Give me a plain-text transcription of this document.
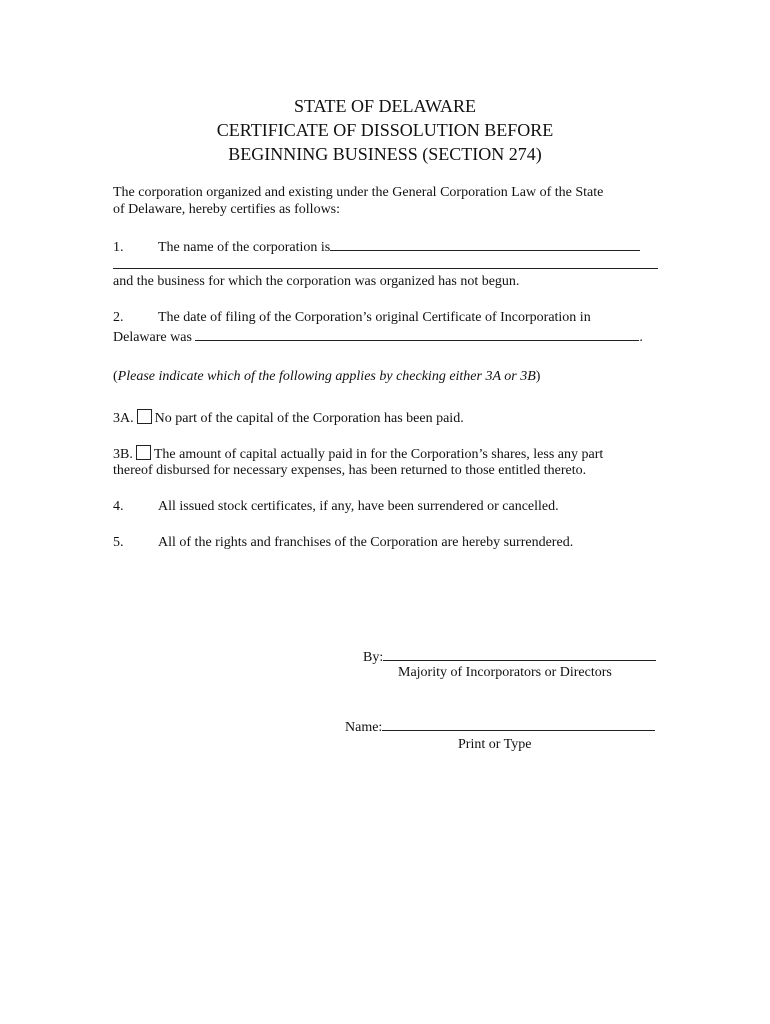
STATE OF DELAWARE
CERTIFICATE OF DISSOLUTION BEFORE
BEGINNING BUSINESS (SECTION 274)
The corporation organized and existing under the General Corporation Law of the State
of Delaware, hereby certifies as follows:
1. The name of the corporation is
and the business for which the corporation was organized has not begun.
2. The date of filing of the Corporation’s original Certificate of Incorporation in
Delaware was	.
(Please indicate which of the following applies by checking either 3A or 3B)
3A. No part of the capital of the Corporation has been paid.
3B. The amount of capital actually paid in for the Corporation’s shares, less any part
thereof disbursed for necessary expenses, has been returned to those entitled thereto.
4. All issued stock certificates, if any, have been surrendered or cancelled.
5. All of the rights and franchises of the Corporation are hereby surrendered.
By:
Majority of Incorporators or Directors
Name:
Print or Type
